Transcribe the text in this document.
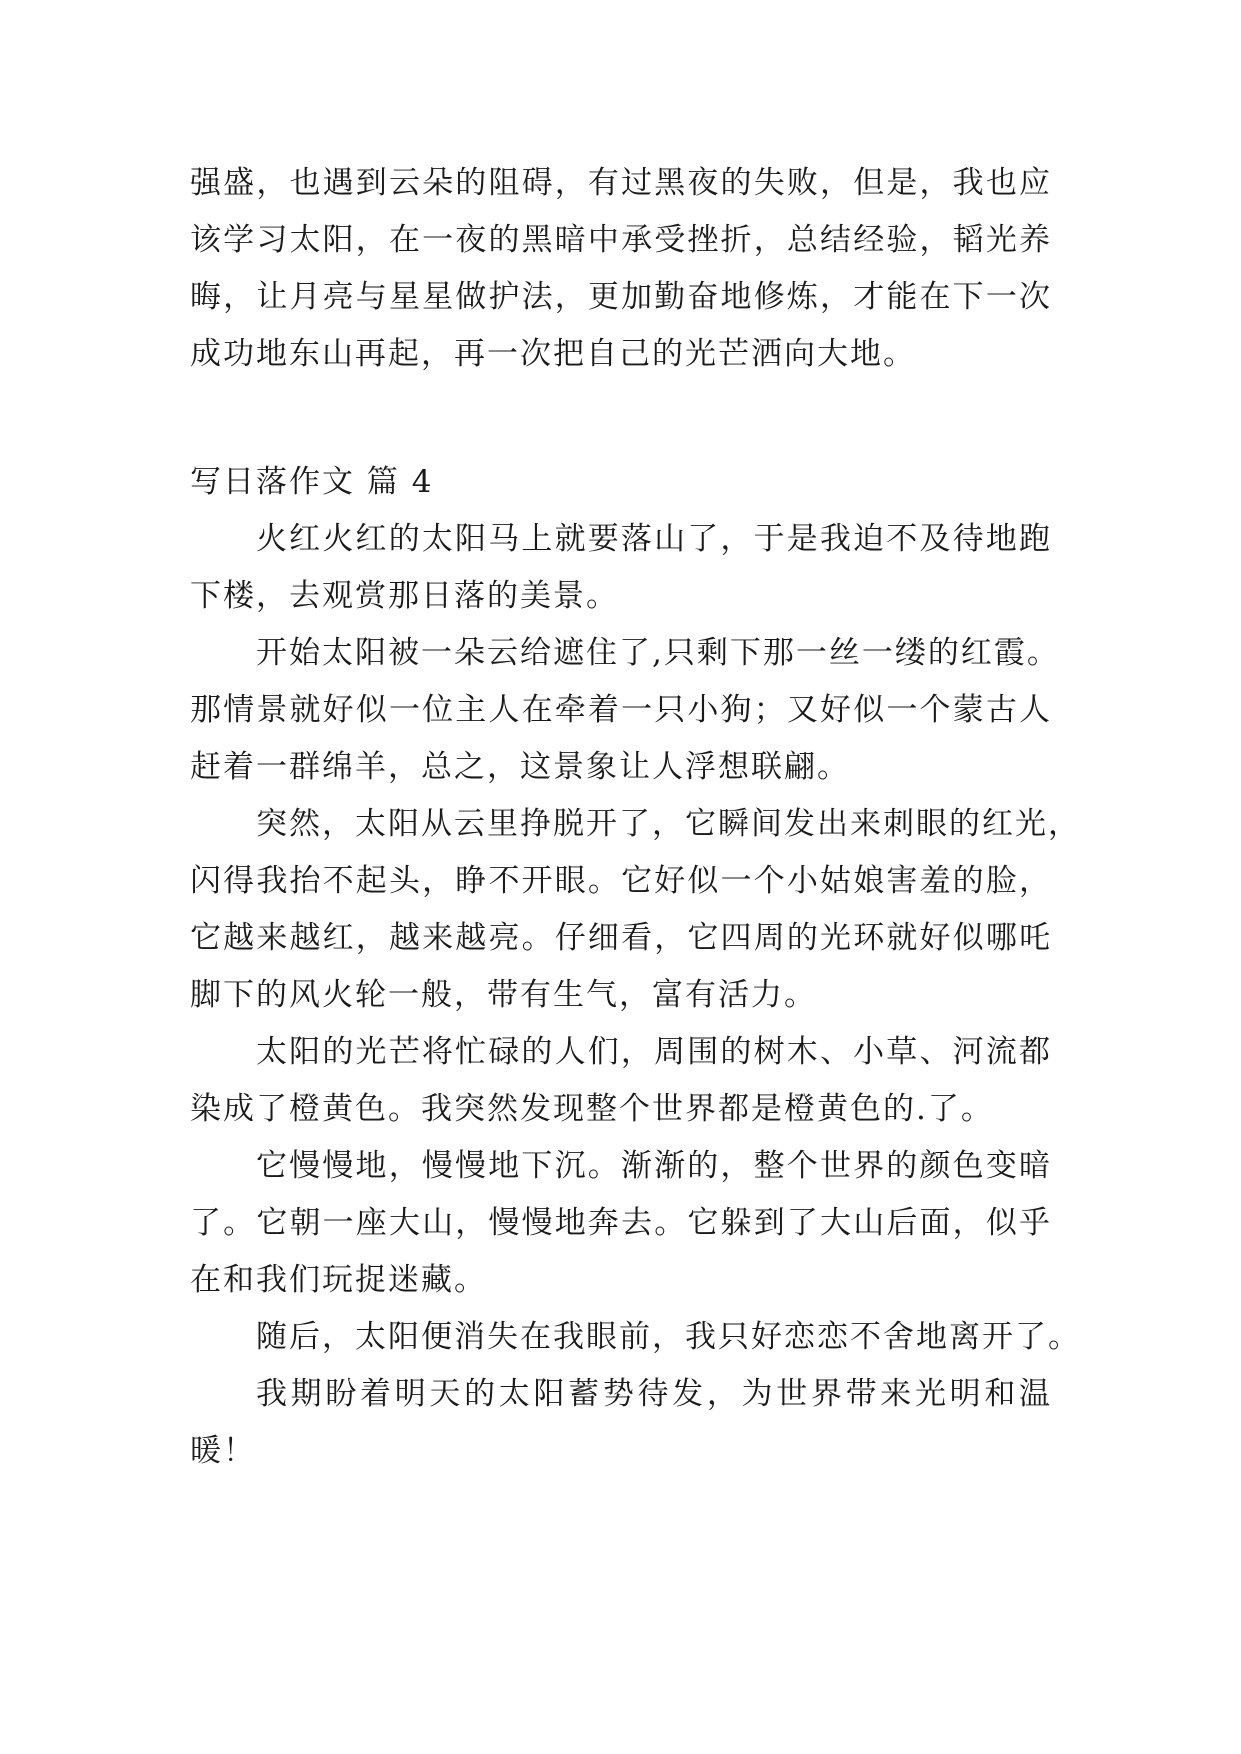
强盛，也遇到云朵的阻碍，有过黑夜的失败，但是，我也应
该学习太阳，在一夜的黑暗中承受挫折，总结经验，韬光养
晦，让月亮与星星做护法，更加勤奋地修炼，才能在下一次
成功地东山再起，再一次把自己的光芒洒向大地。
写日落作文 篇 4
火红火红的太阳马上就要落山了，于是我迫不及待地跑
下楼，去观赏那日落的美景。
开始太阳被一朵云给遮住了,只剩下那一丝一缕的红霞。
那情景就好似一位主人在牵着一只小狗；又好似一个蒙古人
赶着一群绵羊，总之，这景象让人浮想联翩。
突然，太阳从云里挣脱开了，它瞬间发出来刺眼的红光，
闪得我抬不起头，睁不开眼。它好似一个小姑娘害羞的脸，
它越来越红，越来越亮。仔细看，它四周的光环就好似哪吒
脚下的风火轮一般，带有生气，富有活力。
太阳的光芒将忙碌的人们，周围的树木、小草、河流都
染成了橙黄色。我突然发现整个世界都是橙黄色的.了。
它慢慢地，慢慢地下沉。渐渐的，整个世界的颜色变暗
了。它朝一座大山，慢慢地奔去。它躲到了大山后面，似乎
在和我们玩捉迷藏。
随后，太阳便消失在我眼前，我只好恋恋不舍地离开了。
我期盼着明天的太阳蓄势待发，为世界带来光明和温
暖！
